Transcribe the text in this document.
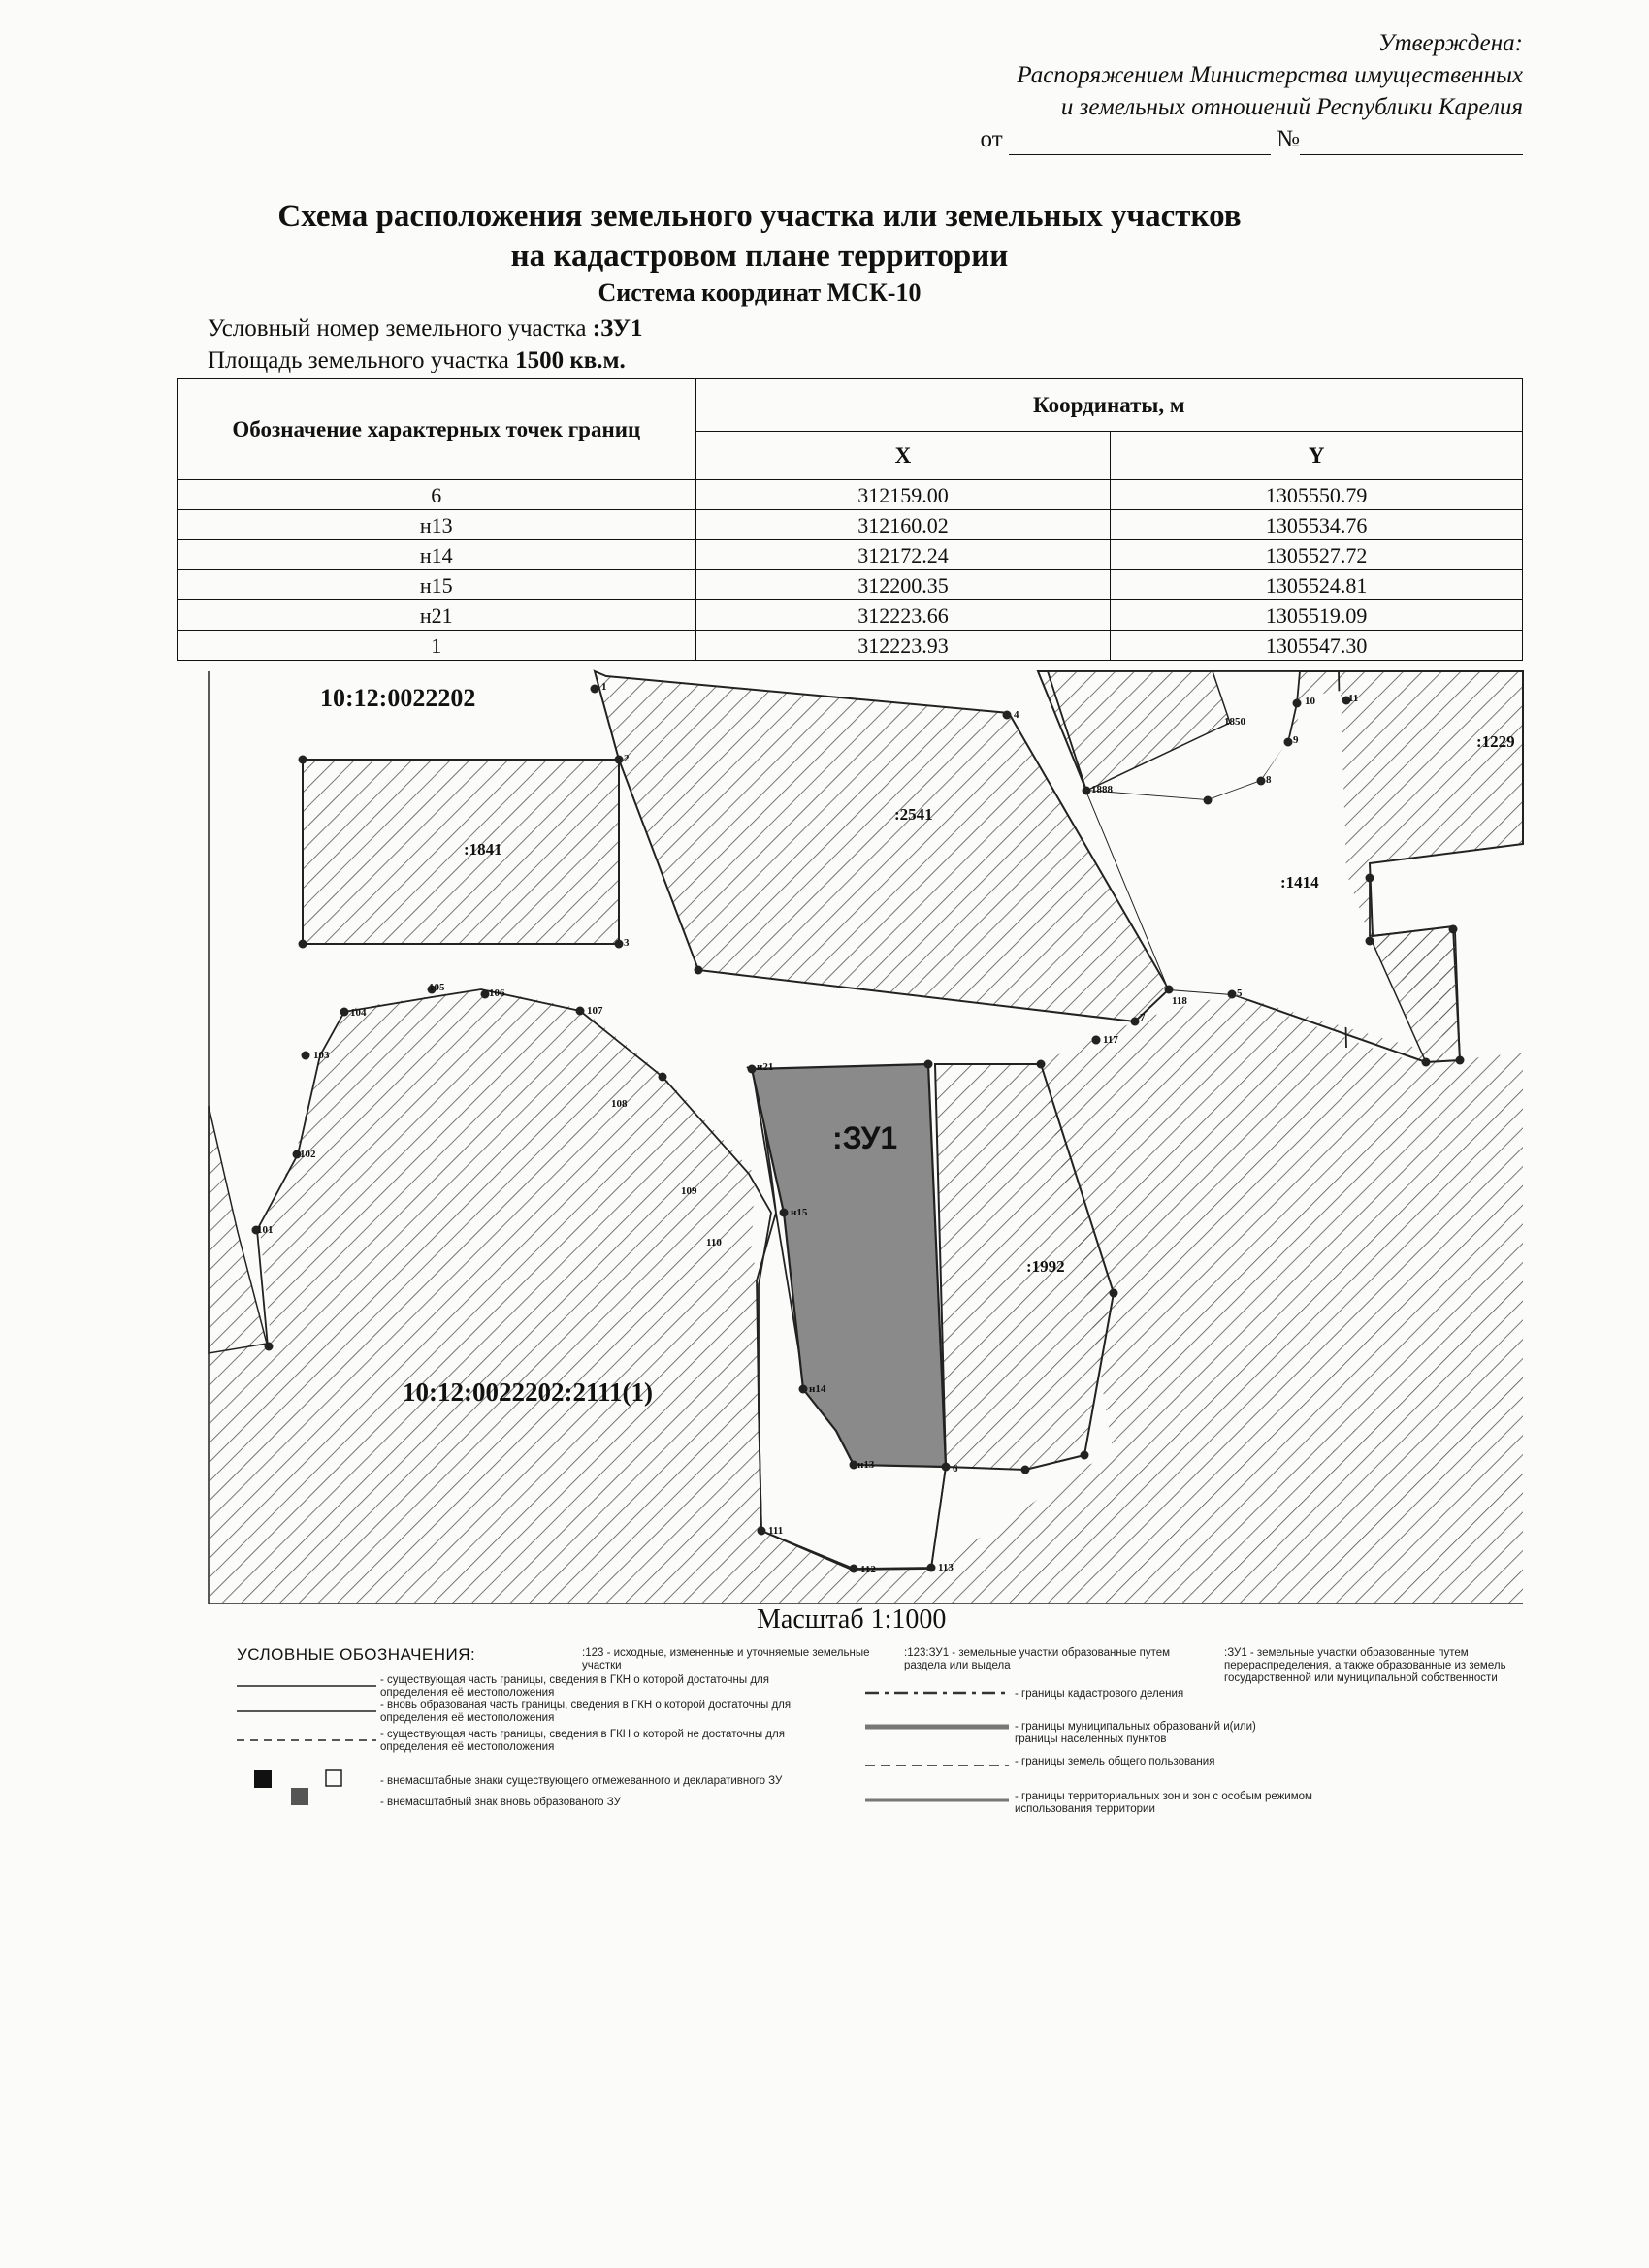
Утверждена:
Распоряжением Министерства имущественных
и земельных отношений Республики Карелия
от	№
Схема расположения земельного участка или земельных участков
на кадастровом плане территории
Система координат МСК-10
Условный номер земельного участка :ЗУ1
Площадь земельного участка 1500 кв.м.
Обозначение характерных точек границ	Координаты, м	
	X	Y
6	312159.00	1305550.79
н13	312160.02	1305534.76
н14	312172.24	1305527.72
н15	312200.35	1305524.81
н21	312223.66	1305519.09
1	312223.93	1305547.30
10:12:0022202
10:12:0022202:2111(1)
:ЗУ1
:1841
:2541
:1414
:1992
:1229
1
2
3
4
7
5
8
9
10	11
1850
1888
118
117
101
102
103
104
105	106
107
108
109
110
111
112	113
н21
н15
н14
н13	6
Масштаб 1:1000
УСЛОВНЫЕ ОБОЗНАЧЕНИЯ:
- существующая часть границы, сведения в ГКН о которой достаточны для определения её местоположения
- вновь образованая часть границы, сведения в ГКН о которой достаточны для определения её местоположения
- существующая часть границы, сведения в ГКН о которой не достаточны для определения её местоположения
- внемасштабные знаки существующего отмежеванного и декларативного ЗУ
- внемасштабный знак вновь образованого ЗУ
:123 - исходные, измененные и уточняемые земельные участки
:123:ЗУ1 - земельные участки образованные путем раздела или выдела
:ЗУ1 - земельные участки образованные путем перераспределения, а также образованные из земель государственной или муниципальной собственности
- границы кадастрового деления
- границы муниципальных образований и(или) границы населенных пунктов
- границы земель общего пользования
- границы территориальных зон и зон с особым режимом использования территории
